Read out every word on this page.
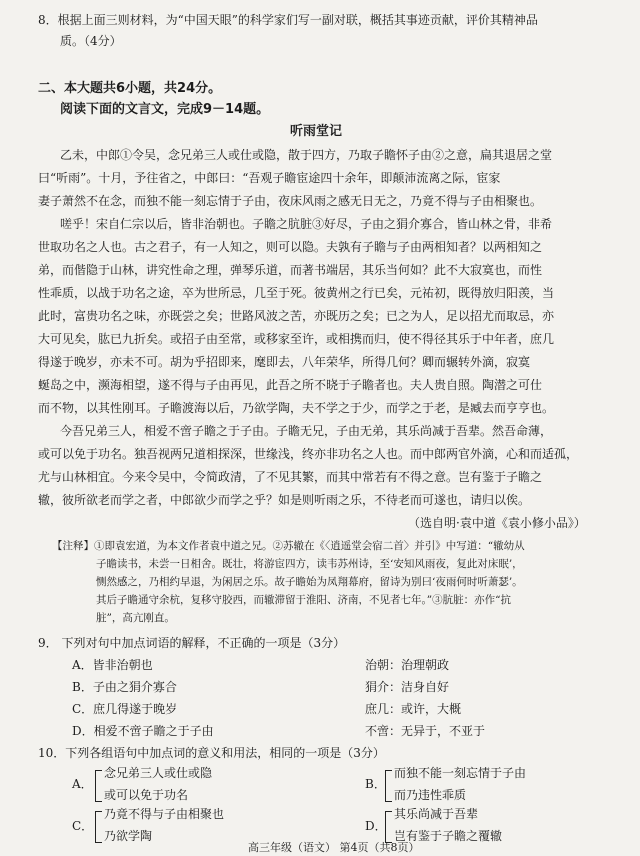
8．根据上面三则材料，为“中国天眼”的科学家们写一副对联，概括其事迹贡献，评价其精神品
质。（4分）
二、本大题共6小题，共24分。
阅读下面的文言文，完成9－14题。
听雨堂记
乙未，中郎①令吴，念兄弟三人或仕或隐，散于四方，乃取子瞻怀子由②之意，扁其退居之堂
曰“听雨”。十月，予往省之，中郎曰：“吾观子瞻宦途四十余年，即颠沛流离之际，宦家
妻子萧然不在念，而独不能一刻忘情于子由，夜床风雨之感无日无之，乃竟不得与子由相聚也。
嗟乎！宋自仁宗以后，皆非治朝也。子瞻之肮脏③好尽，子由之狷介寡合，皆山林之骨，非希
世取功名之人也。古之君子，有一人知之，则可以隐。夫孰有子瞻与子由两相知者？以两相知之
弟，而偕隐于山林，讲究性命之理，弹琴乐道，而著书端居，其乐当何如？此不大寂寞也，而性
性乖质，以战于功名之途，卒为世所忌，几至于死。彼黄州之行已矣，元祐初，既得放归阳羡，当
此时，富贵功名之味，亦既尝之矣；世路风波之苦，亦既历之矣；已之为人，足以招尤而取忌，亦
大可见矣，肱已九折矣。或招子由至常，或移家至许，或相携而归，使不得径其乐于中年者，庶几
得遂于晚岁，亦未不可。胡为乎招即来，麾即去，八年荣华，所得几何？卿而辗转外滴，寂寞
蜒岛之中，濒海相望，遂不得与子由再见，此吾之所不晓于子瞻者也。夫人贵自照。陶潜之可仕
而不物，以其性刚耳。子瞻渡海以后，乃欲学陶，夫不学之于少，而学之于老，是臧去而亨亨也。
今吾兄弟三人，相爱不啻子瞻之于子由。子瞻无兄，子由无弟，其乐尚减于吾辈。然吾命薄，
或可以免于功名。独吾视两兄道相探深，世缘浅，终亦非功名之人也。而中郎两官外滴，心和而适孤，
尤与山林相宜。今来令吴中，令简政清，了不见其繁，而其中常若有不得之意。岂有鉴于子瞻之
辙，彼所欲老而学之者，中郎欲少而学之乎？如是则听雨之乐，不待老而可遂也，请归以俟。
（选自明·袁中道《袁小修小品》）
【注释】①即袁宏道，为本文作者袁中道之兄。②苏辙在《〈逍遥堂会宿二首〉并引》中写道：“辙幼从
子瞻读书，未尝一日相舍。既壮，将游宦四方，读韦苏州诗，至‘安知风雨夜，复此对床眠’，
恻然感之，乃相约早退，为闲居之乐。故子瞻始为凤翔幕府，留诗为别曰‘夜雨何时听萧瑟’。
其后子瞻通守余杭，复移守胶西，而辙滞留于淮阳、济南，不见者七年。”③肮脏：亦作“抗
脏”，高亢刚直。
9． 下列对句中加点词语的解释，不正确的一项是（3分）
A．皆非治朝也	治朝：治理朝政
B．子由之狷介寡合	狷介：洁身自好
C．庶几得遂于晚岁	庶几：或许，大概
D．相爱不啻子瞻之于子由	不啻：无异于，不亚于
10．下列各组语句中加点词的意义和用法，相同的一项是（3分）
A．
念兄弟三人或仕或隐
或可以免于功名
B．
而独不能一刻忘情于子由
而乃违性乖质
C．
乃竟不得与子由相聚也
乃欲学陶
D．
其乐尚减于吾辈
岂有鉴于子瞻之覆辙
高三年级（语文） 第4页（共8页）
